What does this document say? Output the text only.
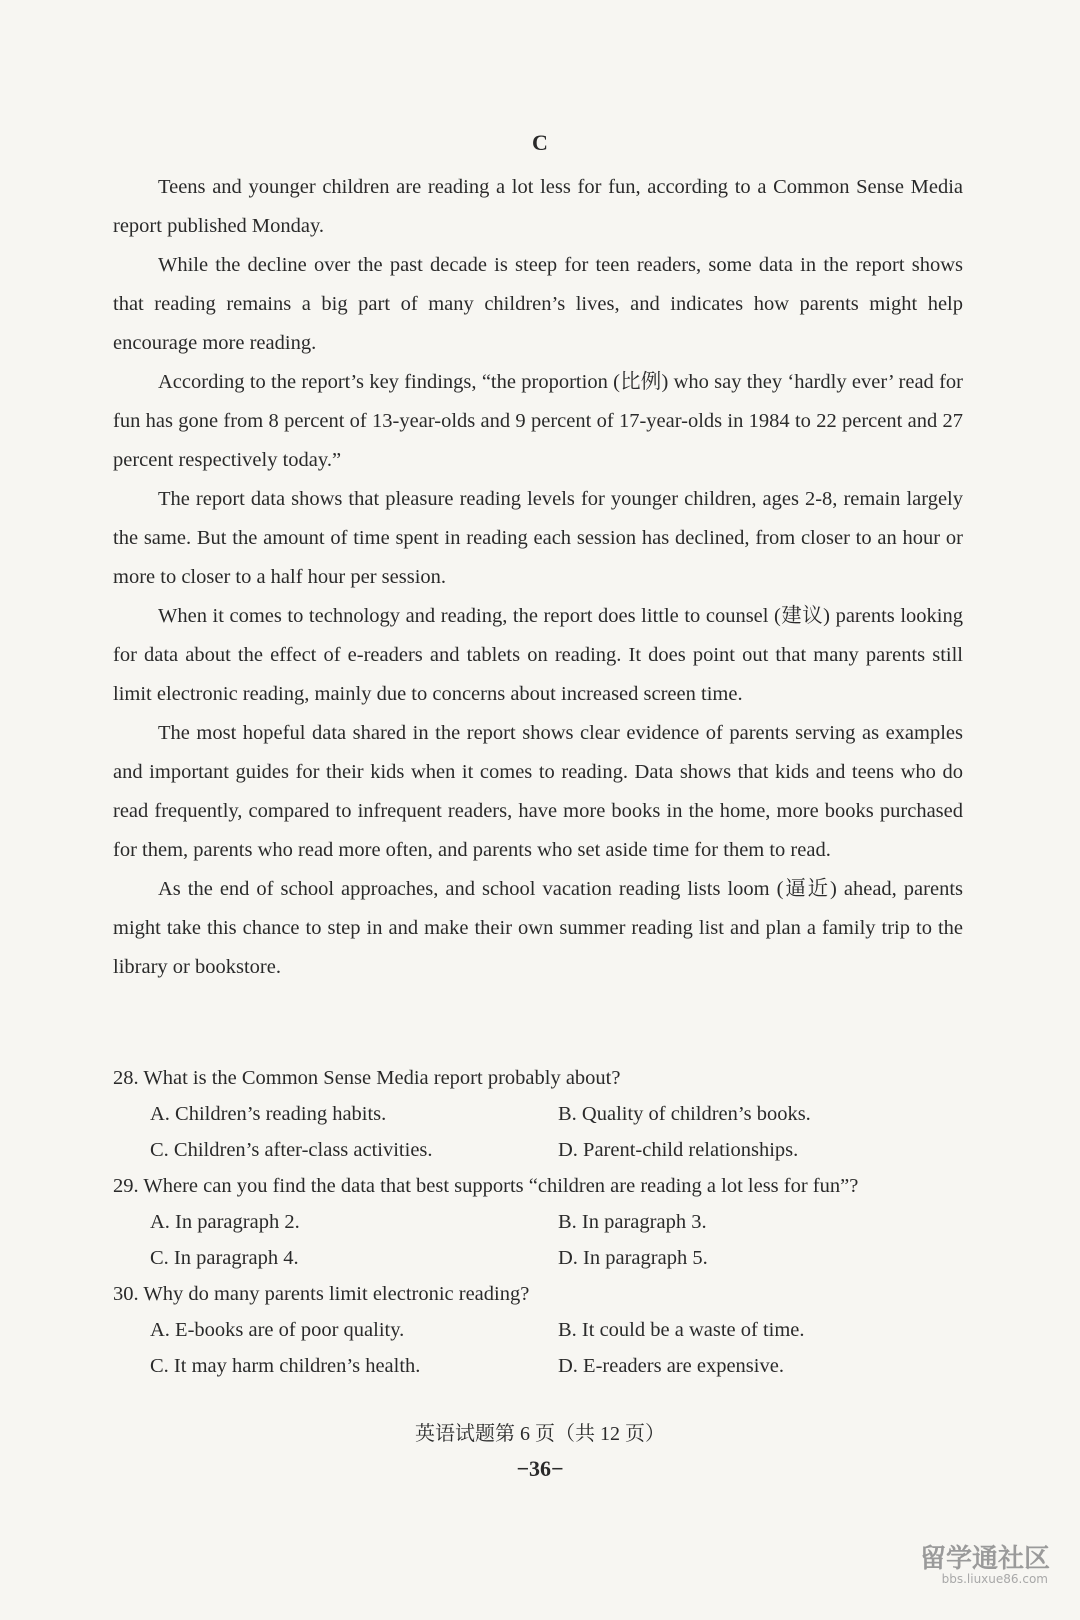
C

Teens and younger children are reading a lot less for fun, according to a Common Sense Media report published Monday.

While the decline over the past decade is steep for teen readers, some data in the report shows that reading remains a big part of many children’s lives, and indicates how parents might help encourage more reading.

According to the report’s key findings, “the proportion (比例) who say they ‘hardly ever’ read for fun has gone from 8 percent of 13-year-olds and 9 percent of 17-year-olds in 1984 to 22 percent and 27 percent respectively today.”

The report data shows that pleasure reading levels for younger children, ages 2-8, remain largely the same. But the amount of time spent in reading each session has declined, from closer to an hour or more to closer to a half hour per session.

When it comes to technology and reading, the report does little to counsel (建议) parents looking for data about the effect of e-readers and tablets on reading. It does point out that many parents still limit electronic reading, mainly due to concerns about increased screen time.

The most hopeful data shared in the report shows clear evidence of parents serving as examples and important guides for their kids when it comes to reading. Data shows that kids and teens who do read frequently, compared to infrequent readers, have more books in the home, more books purchased for them, parents who read more often, and parents who set aside time for them to read.

As the end of school approaches, and school vacation reading lists loom (逼近) ahead, parents might take this chance to step in and make their own summer reading list and plan a family trip to the library or bookstore.

28. What is the Common Sense Media report probably about?

A. Children’s reading habits.	B. Quality of children’s books.

C. Children’s after-class activities.	D. Parent-child relationships.

29. Where can you find the data that best supports “children are reading a lot less for fun”?

A. In paragraph 2.	B. In paragraph 3.

C. In paragraph 4.	D. In paragraph 5.

30. Why do many parents limit electronic reading?

A. E-books are of poor quality.	B. It could be a waste of time.

C. It may harm children’s health.	D. E-readers are expensive.

英语试题第 6 页（共 12 页）
−36−
留学通社区
bbs.liuxue86.com
